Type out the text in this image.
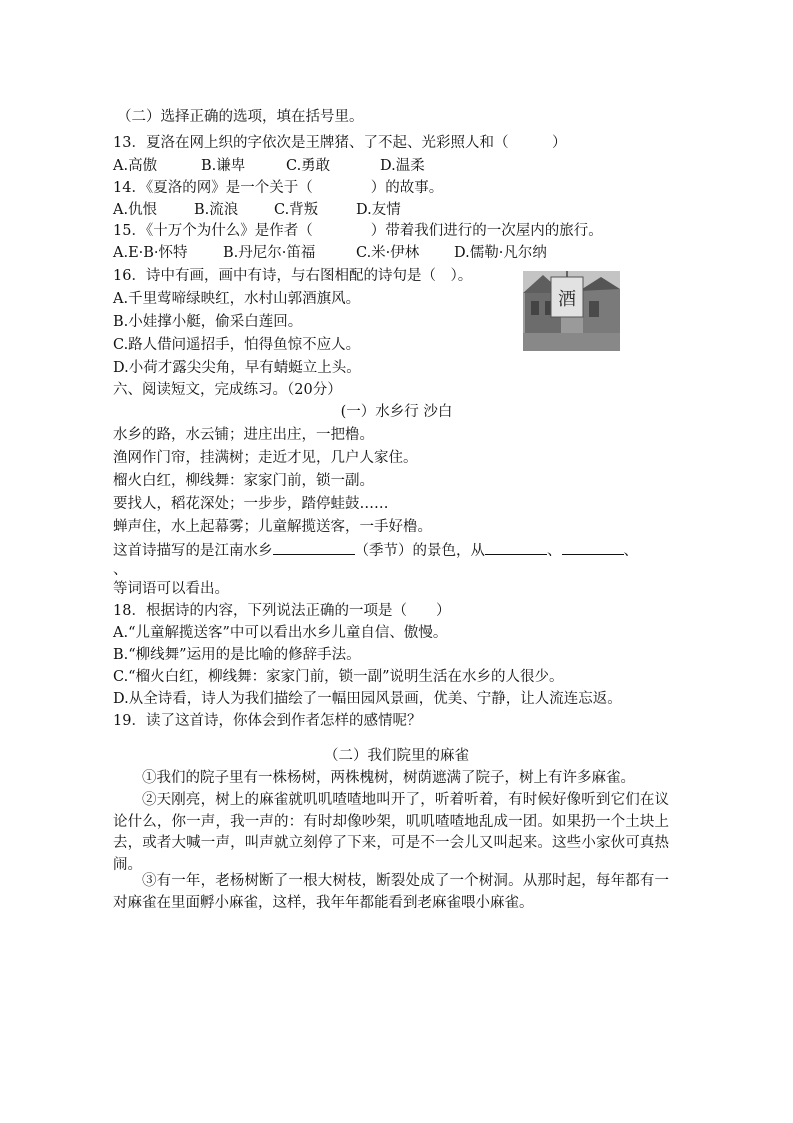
（二）选择正确的选项，填在括号里。
13．夏洛在网上织的字依次是王牌猪、了不起、光彩照人和（　　　）
A.高傲	B.谦卑	C.勇敢	D.温柔
14．《夏洛的网》是一个关于（　　　　）的故事。
A.仇恨	B.流浪 C.背叛	D.友情
15．《十万个为什么》是作者（　　　　）带着我们进行的一次屋内的旅行。
A.E·B·怀特 B.丹尼尔·笛福	C.米·伊林 D.儒勒·凡尔纳
16．诗中有画，画中有诗，与右图相配的诗句是（　）。
A.千里莺啼绿映红，水村山郭酒旗风。
B.小娃撑小艇，偷采白莲回。
C.路人借问遥招手，怕得鱼惊不应人。
D.小荷才露尖尖角，早有蜻蜓立上头。
酒
六、阅读短文，完成练习。（20分）
(一）水乡行 沙白
水乡的路，水云铺；进庄出庄，一把橹。
渔网作门帘，挂满树；走近才见，几户人家住。
榴火白红，柳线舞：家家门前，锁一副。
要找人，稻花深处；一步步，踏停蛙鼓……
蝉声住，水上起幕雾；儿童解揽送客，一手好橹。
这首诗描写的是江南水乡	（季节）的景色，从	、	、
、
等词语可以看出。
18．根据诗的内容，下列说法正确的一项是（　　）
A.“儿童解揽送客”中可以看出水乡儿童自信、傲慢。
B.“柳线舞”运用的是比喻的修辞手法。
C.“榴火白红，柳线舞：家家门前，锁一副”说明生活在水乡的人很少。
D.从全诗看，诗人为我们描绘了一幅田园风景画，优美、宁静，让人流连忘返。
19．读了这首诗，你体会到作者怎样的感情呢？
（二）我们院里的麻雀
①我们的院子里有一株杨树，两株槐树，树荫遮满了院子，树上有许多麻雀。
②天刚亮，树上的麻雀就叽叽喳喳地叫开了，听着听着，有时候好像听到它们在议论什么，你一声，我一声的：有时却像吵架，叽叽喳喳地乱成一团。如果扔一个土块上去，或者大喊一声，叫声就立刻停了下来，可是不一会儿又叫起来。这些小家伙可真热闹。
③有一年，老杨树断了一根大树枝，断裂处成了一个树洞。从那时起，每年都有一对麻雀在里面孵小麻雀，这样，我年年都能看到老麻雀喂小麻雀。
